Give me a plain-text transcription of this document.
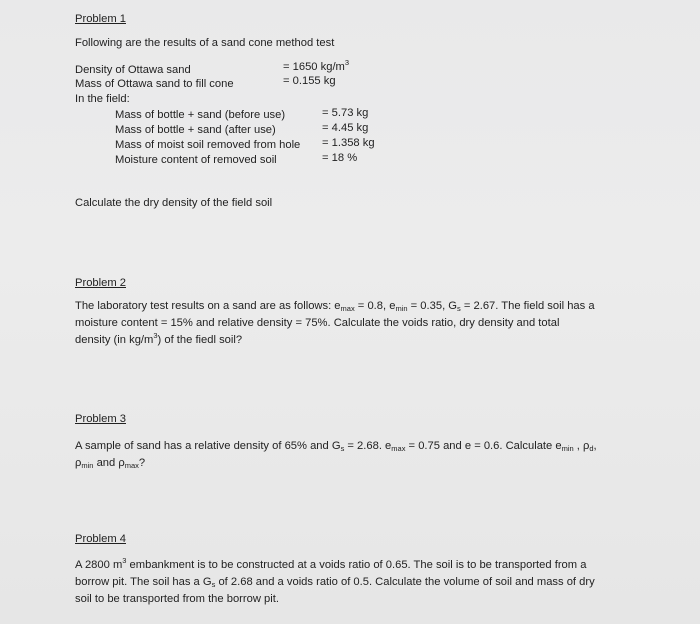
Problem 1
Following are the results of a sand cone method test
Density of Ottawa sand	= 1650 $kg/m^3$
Mass of Ottawa sand to fill cone	= 0.155 kg
In the field:
Mass of bottle + sand (before use)	= 5.73 kg
Mass of bottle + sand (after use)	= 4.45 kg
Mass of moist soil removed from hole = 1.358 kg
Moisture content of removed soil	= 18 %
Calculate the dry density of the field soil
Problem 2
The laboratory test results on a sand are as follows: $e_{max} = 0.8$, $e_{min} = 0.35$, $G_s = 2.67$. The field soil has a
moisture content = 15% and relative density = 75%. Calculate the voids ratio, dry density and total
density (in $kg/m^3$) of the fiedl soil?
Problem 3
A sample of sand has a relative density of 65% and $G_s = 2.68$. $e_{max} = 0.75$ and e = 0.6. Calculate $e_{min}$ , $\rho_d$,
$\rho_{min}$ and $\rho_{max}$?
Problem 4
A 2800 $m^3$ embankment is to be constructed at a voids ratio of 0.65. The soil is to be transported from a
borrow pit. The soil has a $G_s$ of 2.68 and a voids ratio of 0.5. Calculate the volume of soil and mass of dry
soil to be transported from the borrow pit.
